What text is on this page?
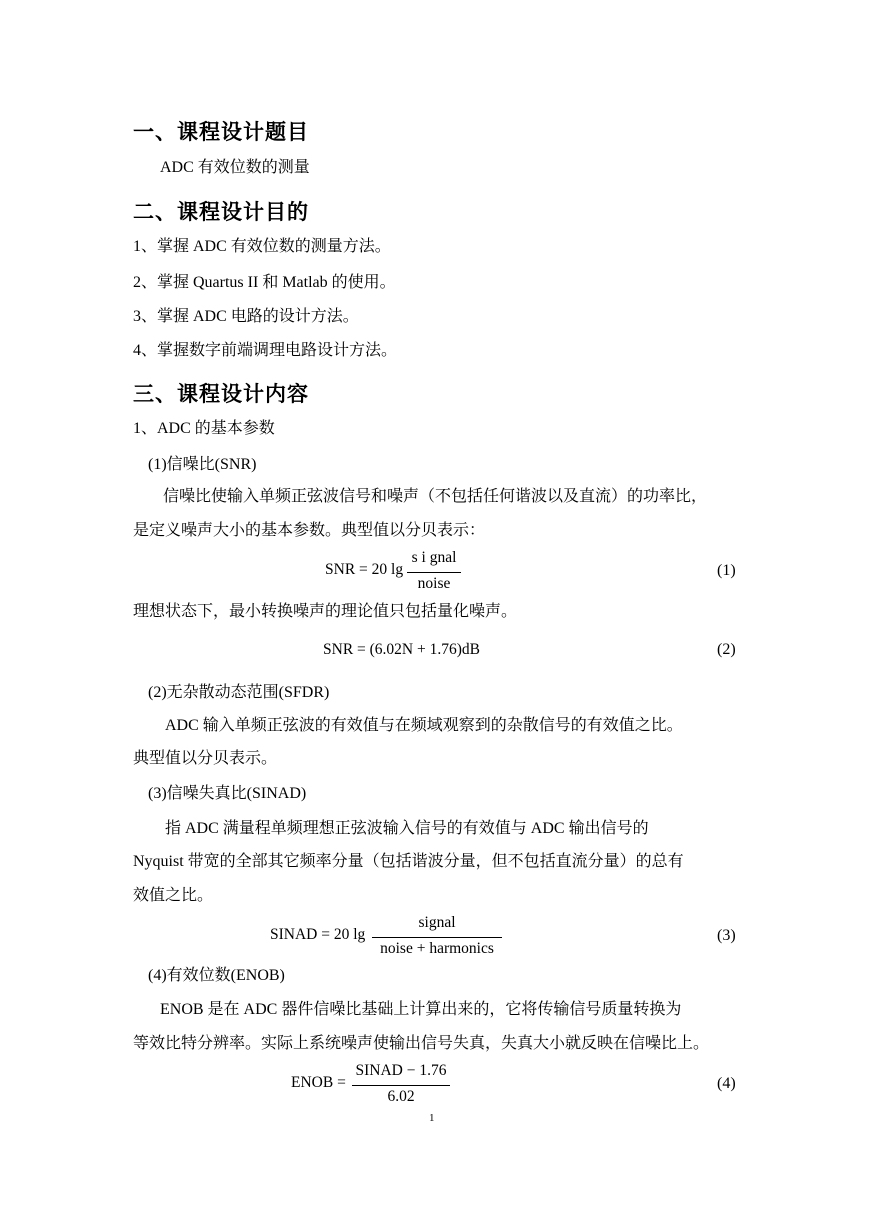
一、课程设计题目
ADC 有效位数的测量
二、课程设计目的
1、掌握 ADC 有效位数的测量方法。
2、掌握 Quartus II 和 Matlab 的使用。
3、掌握 ADC 电路的设计方法。
4、掌握数字前端调理电路设计方法。
三、课程设计内容
1、ADC 的基本参数
(1)信噪比(SNR)
信噪比使输入单频正弦波信号和噪声（不包括任何谐波以及直流）的功率比，
是定义噪声大小的基本参数。典型值以分贝表示：
SNR = 20 lg
s i gnal
noise
(1)
理想状态下，最小转换噪声的理论值只包括量化噪声。
SNR = (6.02N + 1.76)dB	(2)
(2)无杂散动态范围(SFDR)
ADC 输入单频正弦波的有效值与在频域观察到的杂散信号的有效值之比。
典型值以分贝表示。
(3)信噪失真比(SINAD)
指 ADC 满量程单频理想正弦波输入信号的有效值与 ADC 输出信号的
Nyquist 带宽的全部其它频率分量（包括谐波分量，但不包括直流分量）的总有
效值之比。
SINAD = 20 lg
signal
noise + harmonics
(3)
(4)有效位数(ENOB)
ENOB 是在 ADC 器件信噪比基础上计算出来的，它将传输信号质量转换为
等效比特分辨率。实际上系统噪声使输出信号失真，失真大小就反映在信噪比上。
ENOB =
SINAD − 1.76
6.02
(4)
1
